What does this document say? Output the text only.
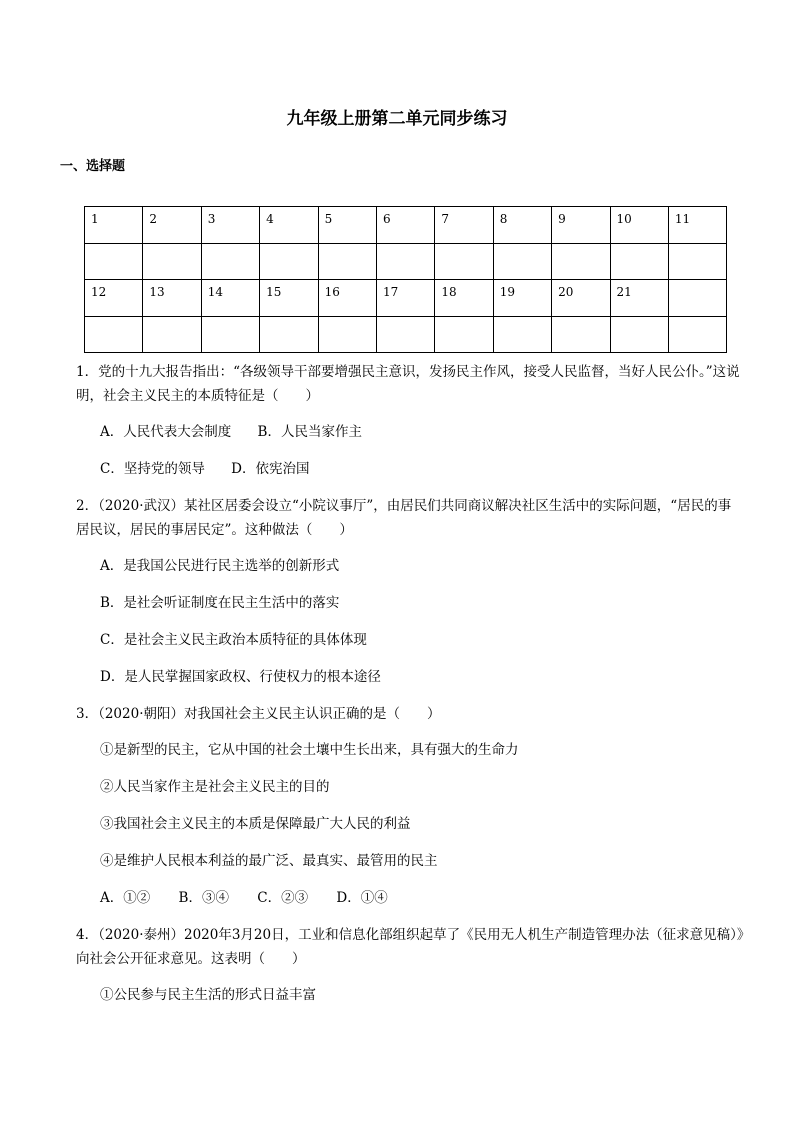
九年级上册第二单元同步练习
一、选择题
1	2	3	4	5	6	7	8	9	10	11

12	13	14	15	16	17	18	19	20	21	

1．党的十九大报告指出：“各级领导干部要增强民主意识，发扬民主作风，接受人民监督，当好人民公仆。”这说明，社会主义民主的本质特征是（　　）
A．人民代表大会制度 B．人民当家作主
C．坚持党的领导 D．依宪治国
2．（2020·武汉）某社区居委会设立“小院议事厅”，由居民们共同商议解决社区生活中的实际问题，“居民的事居民议，居民的事居民定”。这种做法（　　）
A．是我国公民进行民主选举的创新形式
B．是社会听证制度在民主生活中的落实
C．是社会主义民主政治本质特征的具体体现
D．是人民掌握国家政权、行使权力的根本途径
3．（2020·朝阳）对我国社会主义民主认识正确的是（　　）
①是新型的民主，它从中国的社会土壤中生长出来，具有强大的生命力
②人民当家作主是社会主义民主的目的
③我国社会主义民主的本质是保障最广大人民的利益
④是维护人民根本利益的最广泛、最真实、最管用的民主
A．①② B．③④ C．②③ D．①④
4．（2020·泰州）2020年3月20日，工业和信息化部组织起草了《民用无人机生产制造管理办法（征求意见稿）》向社会公开征求意见。这表明（　　）
①公民参与民主生活的形式日益丰富
